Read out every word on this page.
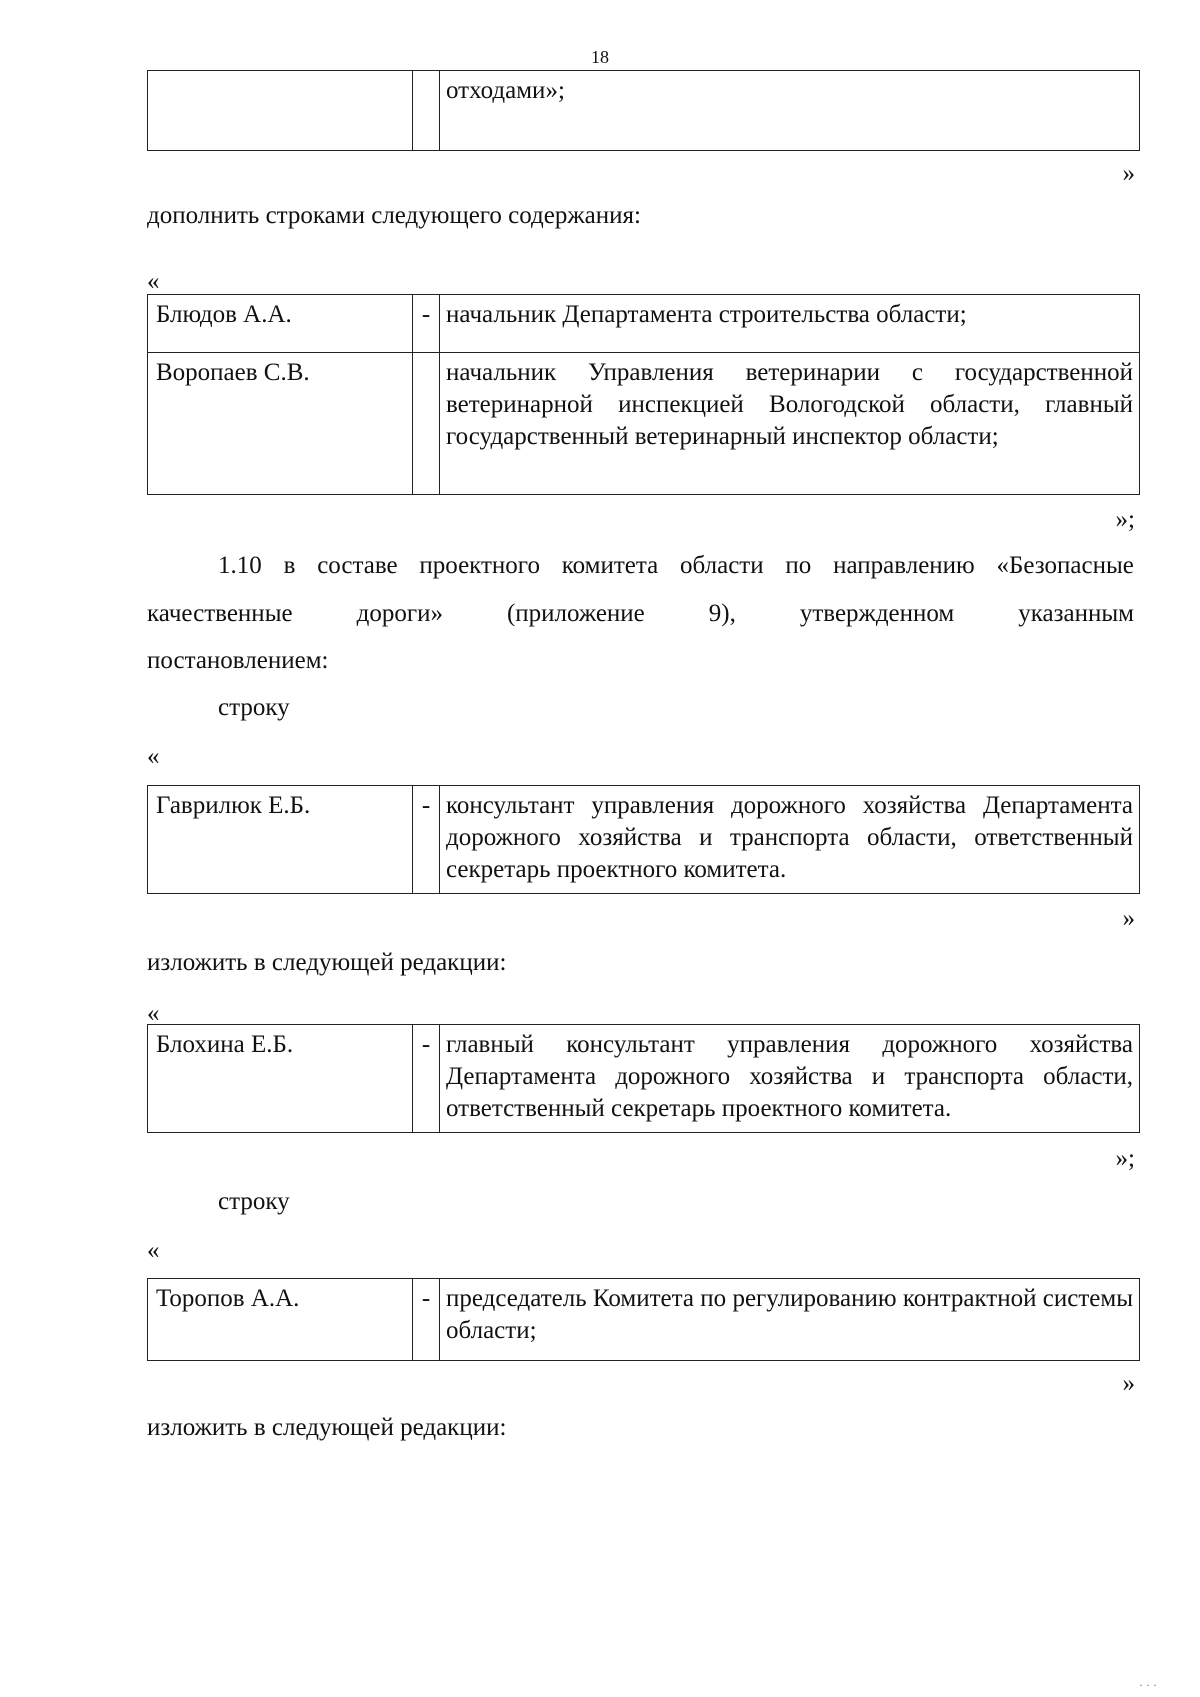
18
		отходами»;
»
дополнить строками следующего содержания:
«
Блюдов А.А.	-	начальник Департамента строительства области;
Воропаев С.В.		начальник Управления ветеринарии с государственной ветеринарной инспекцией Вологодской области, главный государственный ветеринарный инспектор области;
»;
1.10 в составе проектного комитета области по направлению «Безопасные
качественные	дороги»	(приложение	9),	утвержденном	указанным
постановлением:
строку
«
Гаврилюк Е.Б.	-	консультант управления дорожного хозяйства Департамента дорожного хозяйства и транспорта области, ответственный секретарь проектного комитета.
»
изложить в следующей редакции:
«
Блохина Е.Б.	-	главный консультант управления дорожного хозяйства Департамента дорожного хозяйства и транспорта области, ответственный секретарь проектного комитета.
»;
строку
«
Торопов А.А.	-	председатель Комитета по регулированию контрактной системы области;
»
изложить в следующей редакции:
···
